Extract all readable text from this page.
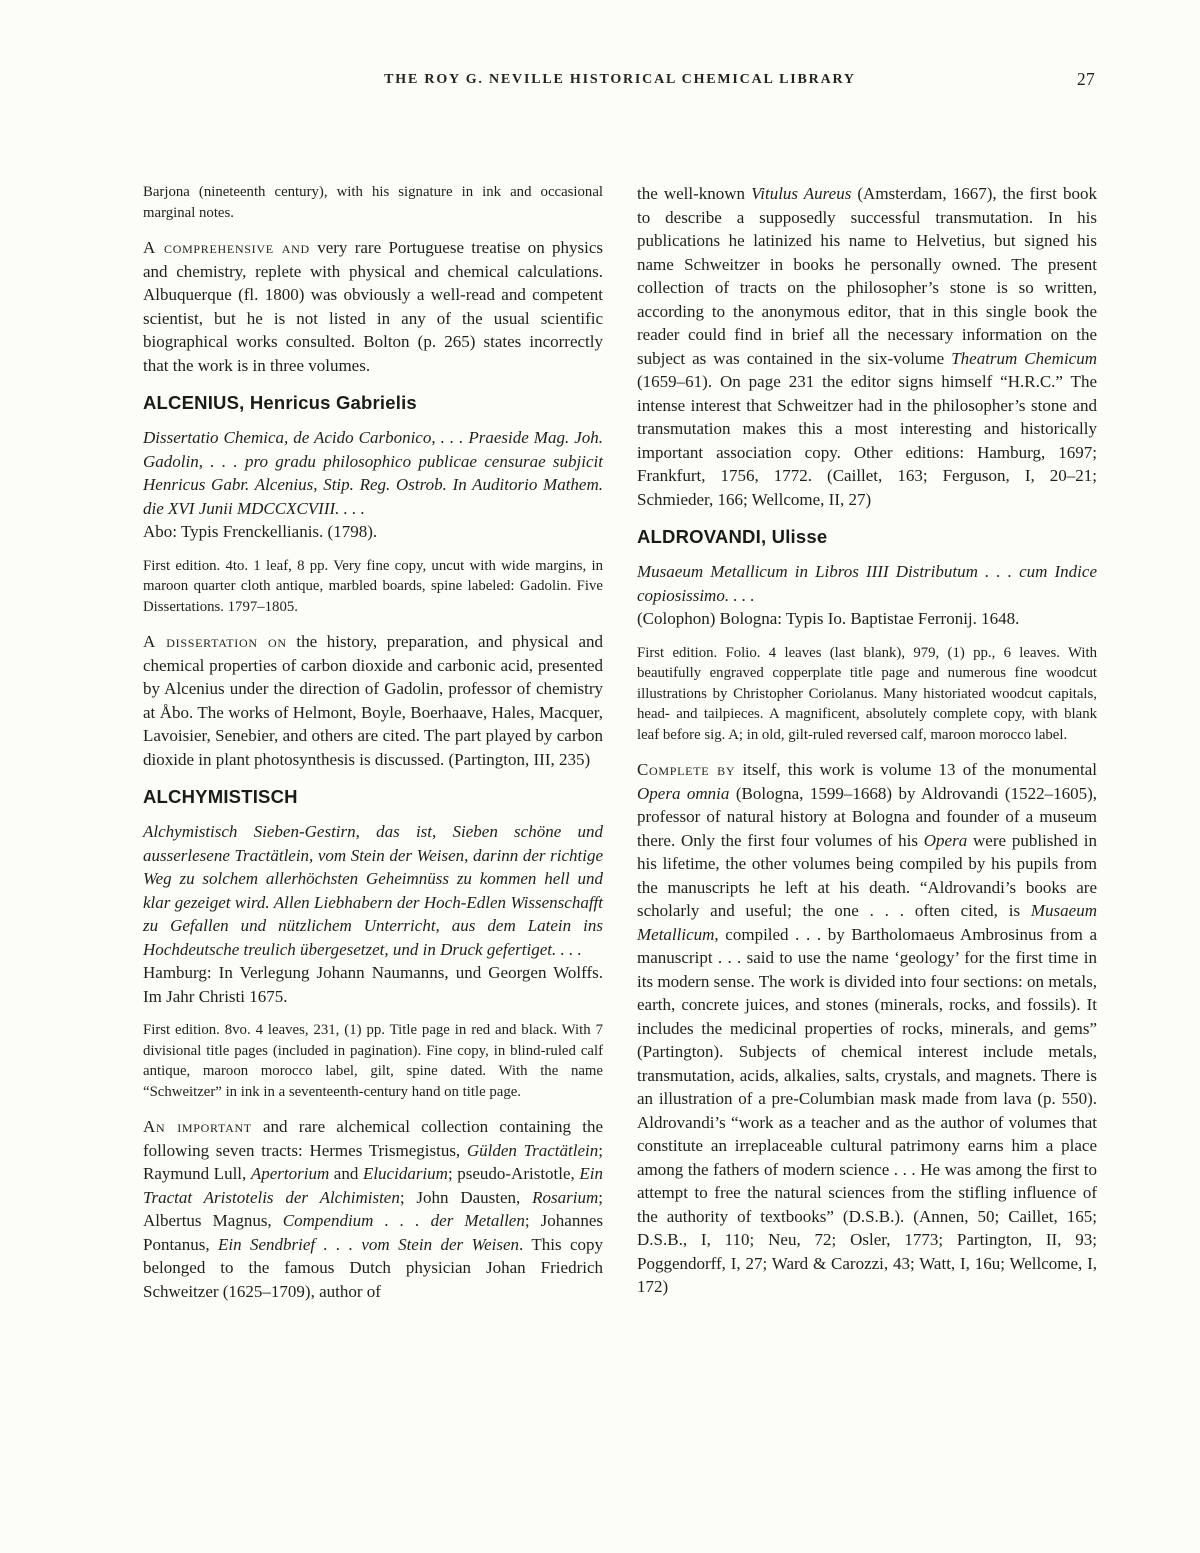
THE ROY G. NEVILLE HISTORICAL CHEMICAL LIBRARY	27

Barjona (nineteenth century), with his signature in ink and occasional marginal notes.

A comprehensive and very rare Portuguese treatise on physics and chemistry, replete with physical and chemical calculations. Albuquerque (fl. 1800) was obviously a well-read and competent scientist, but he is not listed in any of the usual scientific biographical works consulted. Bolton (p. 265) states incorrectly that the work is in three volumes.

ALCENIUS, Henricus Gabrielis

Dissertatio Chemica, de Acido Carbonico, . . . Praeside Mag. Joh. Gadolin, . . . pro gradu philosophico publicae censurae subjicit Henricus Gabr. Alcenius, Stip. Reg. Ostrob. In Auditorio Mathem. die XVI Junii MDCCXCVIII. . . .

Abo: Typis Frenckellianis. (1798).

First edition. 4to. 1 leaf, 8 pp. Very fine copy, uncut with wide margins, in maroon quarter cloth antique, marbled boards, spine labeled: Gadolin. Five Dissertations. 1797–1805.

A dissertation on the history, preparation, and physical and chemical properties of carbon dioxide and carbonic acid, presented by Alcenius under the direction of Gadolin, professor of chemistry at Åbo. The works of Helmont, Boyle, Boerhaave, Hales, Macquer, Lavoisier, Senebier, and others are cited. The part played by carbon dioxide in plant photosynthesis is discussed. (Partington, III, 235)

ALCHYMISTISCH

Alchymistisch Sieben-Gestirn, das ist, Sieben schöne und ausserlesene Tractätlein, vom Stein der Weisen, darinn der richtige Weg zu solchem allerhöchsten Geheimnüss zu kommen hell und klar gezeiget wird. Allen Liebhabern der Hoch-Edlen Wissenschafft zu Gefallen und nützlichem Unterricht, aus dem Latein ins Hochdeutsche treulich übergesetzet, und in Druck gefertiget. . . .

Hamburg: In Verlegung Johann Naumanns, und Georgen Wolffs. Im Jahr Christi 1675.

First edition. 8vo. 4 leaves, 231, (1) pp. Title page in red and black. With 7 divisional title pages (included in pagination). Fine copy, in blind-ruled calf antique, maroon morocco label, gilt, spine dated. With the name “Schweitzer” in ink in a seventeenth-century hand on title page.

An important and rare alchemical collection containing the following seven tracts: Hermes Trismegistus, Gülden Tractätlein; Raymund Lull, Apertorium and Elucidarium; pseudo-Aristotle, Ein Tractat Aristotelis der Alchimisten; John Dausten, Rosarium; Albertus Magnus, Compendium . . . der Metallen; Johannes Pontanus, Ein Sendbrief . . . vom Stein der Weisen. This copy belonged to the famous Dutch physician Johan Friedrich Schweitzer (1625–1709), author of

the well-known Vitulus Aureus (Amsterdam, 1667), the first book to describe a supposedly successful transmutation. In his publications he latinized his name to Helvetius, but signed his name Schweitzer in books he personally owned. The present collection of tracts on the philosopher’s stone is so written, according to the anonymous editor, that in this single book the reader could find in brief all the necessary information on the subject as was contained in the six-volume Theatrum Chemicum (1659–61). On page 231 the editor signs himself “H.R.C.” The intense interest that Schweitzer had in the philosopher’s stone and transmutation makes this a most interesting and historically important association copy. Other editions: Hamburg, 1697; Frankfurt, 1756, 1772. (Caillet, 163; Ferguson, I, 20–21; Schmieder, 166; Wellcome, II, 27)

ALDROVANDI, Ulisse

Musaeum Metallicum in Libros IIII Distributum . . . cum Indice copiosissimo. . . .

(Colophon) Bologna: Typis Io. Baptistae Ferronij. 1648.

First edition. Folio. 4 leaves (last blank), 979, (1) pp., 6 leaves. With beautifully engraved copperplate title page and numerous fine woodcut illustrations by Christopher Coriolanus. Many historiated woodcut capitals, head- and tailpieces. A magnificent, absolutely complete copy, with blank leaf before sig. A; in old, gilt-ruled reversed calf, maroon morocco label.

Complete by itself, this work is volume 13 of the monumental Opera omnia (Bologna, 1599–1668) by Aldrovandi (1522–1605), professor of natural history at Bologna and founder of a museum there. Only the first four volumes of his Opera were published in his lifetime, the other volumes being compiled by his pupils from the manuscripts he left at his death. “Aldrovandi’s books are scholarly and useful; the one . . . often cited, is Musaeum Metallicum, compiled . . . by Bartholomaeus Ambrosinus from a manuscript . . . said to use the name ‘geology’ for the first time in its modern sense. The work is divided into four sections: on metals, earth, concrete juices, and stones (minerals, rocks, and fossils). It includes the medicinal properties of rocks, minerals, and gems” (Partington). Subjects of chemical interest include metals, transmutation, acids, alkalies, salts, crystals, and magnets. There is an illustration of a pre-Columbian mask made from lava (p. 550). Aldrovandi’s “work as a teacher and as the author of volumes that constitute an irreplaceable cultural patrimony earns him a place among the fathers of modern science . . . He was among the first to attempt to free the natural sciences from the stifling influence of the authority of textbooks” (D.S.B.). (Annen, 50; Caillet, 165; D.S.B., I, 110; Neu, 72; Osler, 1773; Partington, II, 93; Poggendorff, I, 27; Ward & Carozzi, 43; Watt, I, 16u; Wellcome, I, 172)
